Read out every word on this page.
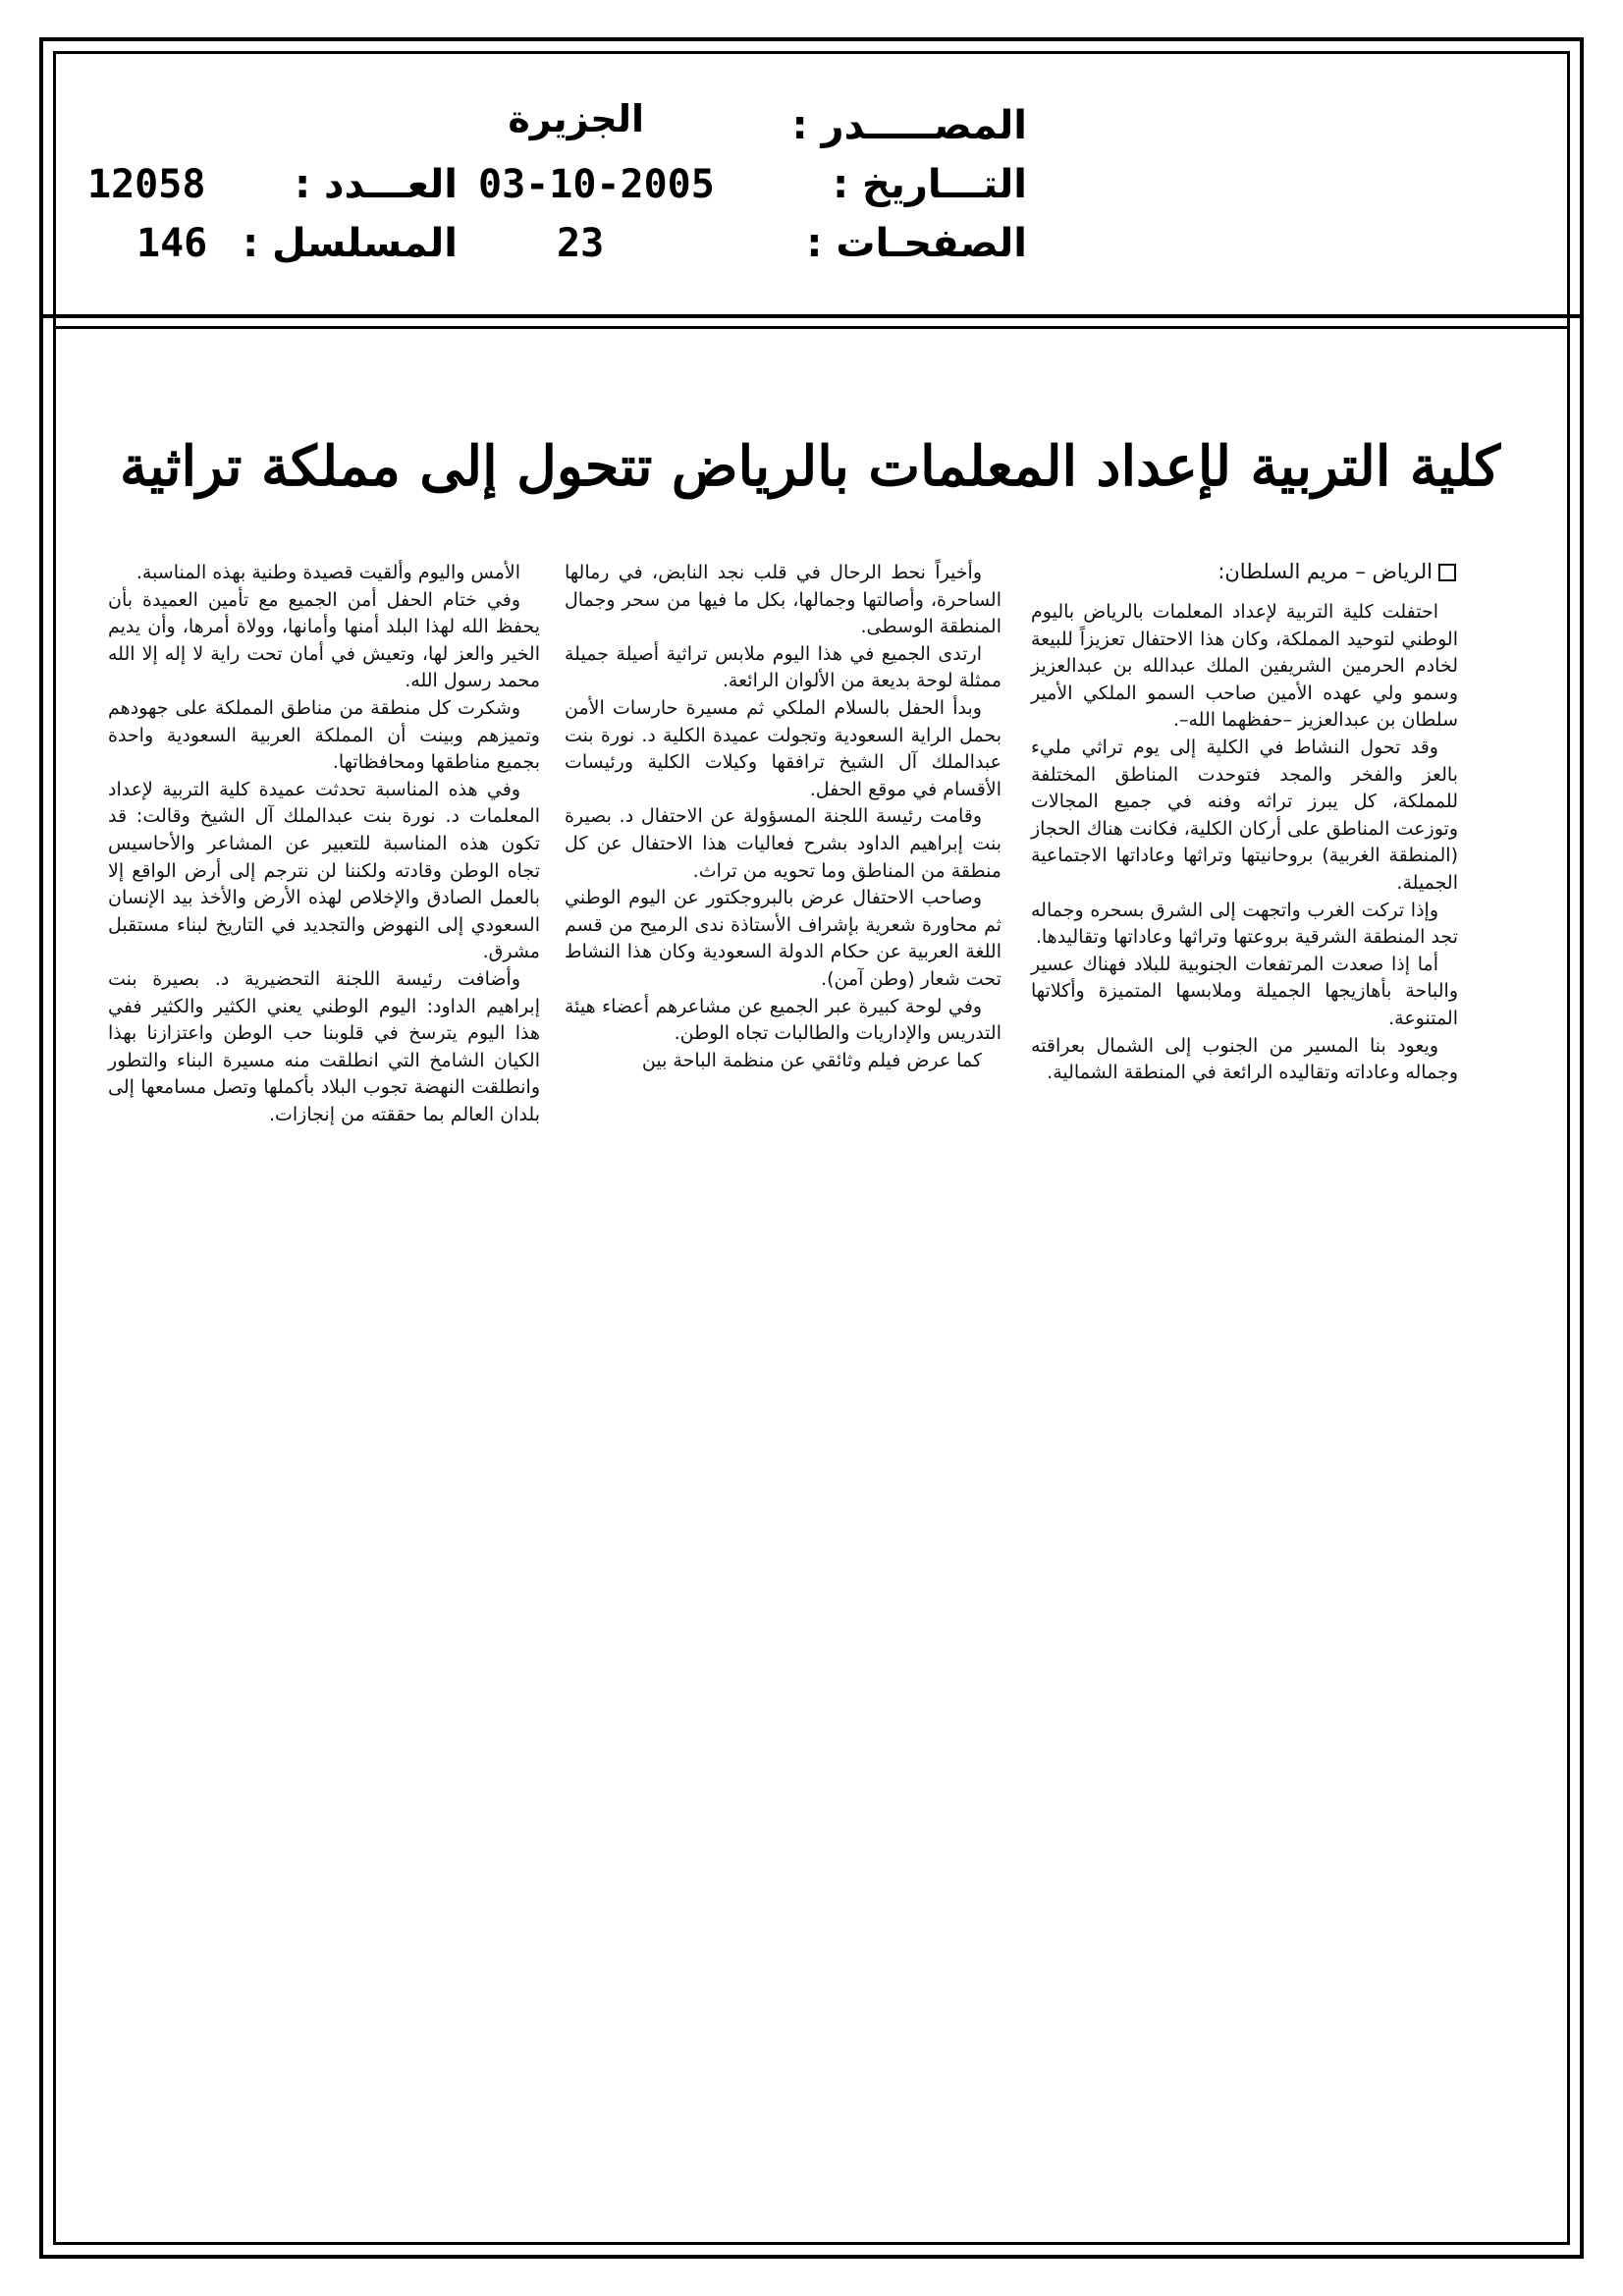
المصـــــدر :
التـــاريخ :
الصفحـات :
الجزيرة
03-10-2005
23
العـــدد :
المسلسل :
12058
146
كلية التربية لإعداد المعلمات بالرياض تتحول إلى مملكة تراثية
الرياض – مريم السلطان:

احتفلت كلية التربية لإعداد المعلمات بالرياض باليوم الوطني لتوحيد المملكة، وكان هذا الاحتفال تعزيزاً للبيعة لخادم الحرمين الشريفين الملك عبدالله بن عبدالعزيز وسمو ولي عهده الأمين صاحب السمو الملكي الأمير سلطان بن عبدالعزيز –حفظهما الله–.

وقد تحول النشاط في الكلية إلى يوم تراثي مليء بالعز والفخر والمجد فتوحدت المناطق المختلفة للمملكة، كل يبرز تراثه وفنه في جميع المجالات وتوزعت المناطق على أركان الكلية، فكانت هناك الحجاز (المنطقة الغربية) بروحانيتها وتراثها وعاداتها الاجتماعية الجميلة.

وإذا تركت الغرب واتجهت إلى الشرق بسحره وجماله تجد المنطقة الشرقية بروعتها وتراثها وعاداتها وتقاليدها.

أما إذا صعدت المرتفعات الجنوبية للبلاد فهناك عسير والباحة بأهازيجها الجميلة وملابسها المتميزة وأكلاتها المتنوعة.

ويعود بنا المسير من الجنوب إلى الشمال بعراقته وجماله وعاداته وتقاليده الرائعة في المنطقة الشمالية.

وأخيراً نحط الرحال في قلب نجد النابض، في رمالها الساحرة، وأصالتها وجمالها، بكل ما فيها من سحر وجمال المنطقة الوسطى.

ارتدى الجميع في هذا اليوم ملابس تراثية أصيلة جميلة ممثلة لوحة بديعة من الألوان الرائعة.

وبدأ الحفل بالسلام الملكي ثم مسيرة حارسات الأمن بحمل الراية السعودية وتجولت عميدة الكلية د. نورة بنت عبدالملك آل الشيخ ترافقها وكيلات الكلية ورئيسات الأقسام في موقع الحفل.

وقامت رئيسة اللجنة المسؤولة عن الاحتفال د. بصيرة بنت إبراهيم الداود بشرح فعاليات هذا الاحتفال عن كل منطقة من المناطق وما تحويه من تراث.

وصاحب الاحتفال عرض بالبروجكتور عن اليوم الوطني ثم محاورة شعرية بإشراف الأستاذة ندى الرميح من قسم اللغة العربية عن حكام الدولة السعودية وكان هذا النشاط تحت شعار (وطن آمن).

وفي لوحة كبيرة عبر الجميع عن مشاعرهم أعضاء هيئة التدريس والإداريات والطالبات تجاه الوطن.

كما عرض فيلم وثائقي عن منظمة الباحة بين

الأمس واليوم وألقيت قصيدة وطنية بهذه المناسبة.

وفي ختام الحفل أمن الجميع مع تأمين العميدة بأن يحفظ الله لهذا البلد أمنها وأمانها، وولاة أمرها، وأن يديم الخير والعز لها، وتعيش في أمان تحت راية لا إله إلا الله محمد رسول الله.

وشكرت كل منطقة من مناطق المملكة على جهودهم وتميزهم وبينت أن المملكة العربية السعودية واحدة بجميع مناطقها ومحافظاتها.

وفي هذه المناسبة تحدثت عميدة كلية التربية لإعداد المعلمات د. نورة بنت عبدالملك آل الشيخ وقالت: قد تكون هذه المناسبة للتعبير عن المشاعر والأحاسيس تجاه الوطن وقادته ولكننا لن نترجم إلى أرض الواقع إلا بالعمل الصادق والإخلاص لهذه الأرض والأخذ بيد الإنسان السعودي إلى النهوض والتجديد في التاريخ لبناء مستقبل مشرق.

وأضافت رئيسة اللجنة التحضيرية د. بصيرة بنت إبراهيم الداود: اليوم الوطني يعني الكثير والكثير ففي هذا اليوم يترسخ في قلوبنا حب الوطن واعتزازنا بهذا الكيان الشامخ التي انطلقت منه مسيرة البناء والتطور وانطلقت النهضة تجوب البلاد بأكملها وتصل مسامعها إلى بلدان العالم بما حققته من إنجازات.
